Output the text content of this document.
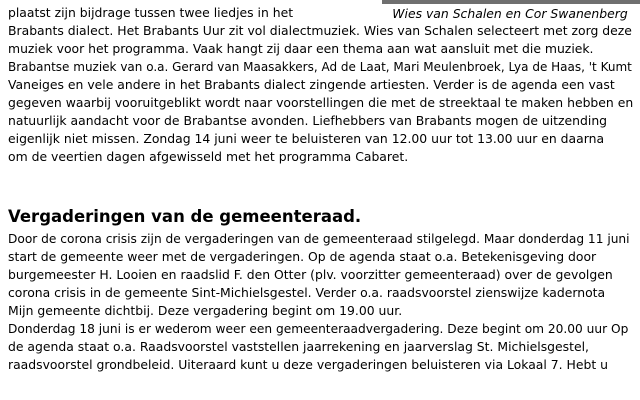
Wies van Schalen en Cor Swanenberg
plaatst zijn bijdrage tussen twee liedjes in het
Brabants dialect. Het Brabants Uur zit vol dialectmuziek. Wies van Schalen selecteert met zorg deze
muziek voor het programma. Vaak hangt zij daar een thema aan wat aansluit met die muziek.
Brabantse muziek van o.a. Gerard van Maasakkers, Ad de Laat, Mari Meulenbroek, Lya de Haas, 't Kumt
Vaneiges en vele andere in het Brabants dialect zingende artiesten. Verder is de agenda een vast
gegeven waarbij vooruitgeblikt wordt naar voorstellingen die met de streektaal te maken hebben en
natuurlijk aandacht voor de Brabantse avonden. Liefhebbers van Brabants mogen de uitzending
eigenlijk niet missen. Zondag 14 juni weer te beluisteren van 12.00 uur tot 13.00 uur en daarna
om de veertien dagen afgewisseld met het programma Cabaret.
Vergaderingen van de gemeenteraad.
Door de corona crisis zijn de vergaderingen van de gemeenteraad stilgelegd. Maar donderdag 11 juni
start de gemeente weer met de vergaderingen. Op de agenda staat o.a. Betekenisgeving door
burgemeester H. Looien en raadslid F. den Otter (plv. voorzitter gemeenteraad) over de gevolgen
corona crisis in de gemeente Sint-Michielsgestel. Verder o.a. raadsvoorstel zienswijze kadernota
Mijn gemeente dichtbij. Deze vergadering begint om 19.00 uur.
Donderdag 18 juni is er wederom weer een gemeenteraadvergadering. Deze begint om 20.00 uur Op
de agenda staat o.a. Raadsvoorstel vaststellen jaarrekening en jaarverslag St. Michielsgestel,
raadsvoorstel grondbeleid. Uiteraard kunt u deze vergaderingen beluisteren via Lokaal 7. Hebt u
